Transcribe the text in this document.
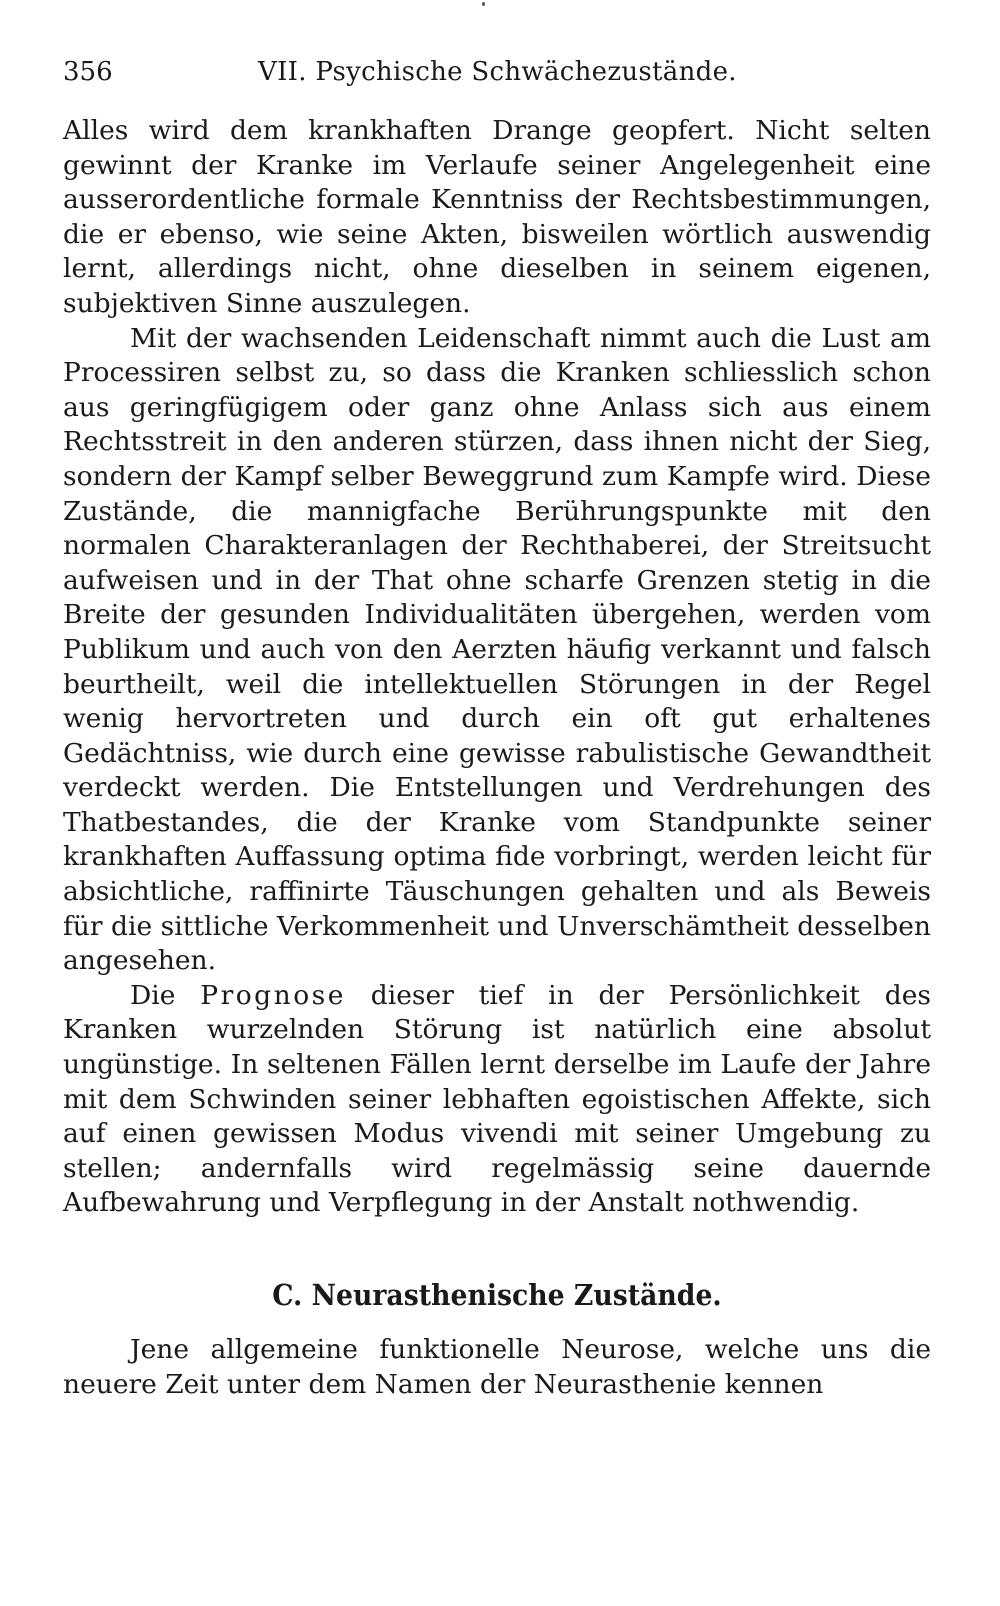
356	VII. Psychische Schwächezustände.

Alles wird dem krankhaften Drange geopfert. Nicht selten gewinnt der Kranke im Verlaufe seiner Angelegenheit eine ausserordentliche formale Kenntniss der Rechtsbestimmungen, die er ebenso, wie seine Akten, bisweilen wörtlich auswendig lernt, allerdings nicht, ohne dieselben in seinem eigenen, subjektiven Sinne auszulegen.

Mit der wachsenden Leidenschaft nimmt auch die Lust am Processiren selbst zu, so dass die Kranken schliesslich schon aus geringfügigem oder ganz ohne Anlass sich aus einem Rechtsstreit in den anderen stürzen, dass ihnen nicht der Sieg, sondern der Kampf selber Beweggrund zum Kampfe wird. Diese Zustände, die mannigfache Berührungspunkte mit den normalen Charakteranlagen der Rechthaberei, der Streitsucht aufweisen und in der That ohne scharfe Grenzen stetig in die Breite der gesunden Individualitäten übergehen, werden vom Publikum und auch von den Aerzten häufig verkannt und falsch beurtheilt, weil die intellektuellen Störungen in der Regel wenig hervortreten und durch ein oft gut erhaltenes Gedächtniss, wie durch eine gewisse rabulistische Gewandtheit verdeckt werden. Die Entstellungen und Verdrehungen des Thatbestandes, die der Kranke vom Standpunkte seiner krankhaften Auffassung optima fide vorbringt, werden leicht für absichtliche, raffinirte Täuschungen gehalten und als Beweis für die sittliche Verkommenheit und Unverschämtheit desselben angesehen.

Die Prognose dieser tief in der Persönlichkeit des Kranken wurzelnden Störung ist natürlich eine absolut ungünstige. In seltenen Fällen lernt derselbe im Laufe der Jahre mit dem Schwinden seiner lebhaften egoistischen Affekte, sich auf einen gewissen Modus vivendi mit seiner Umgebung zu stellen; andernfalls wird regelmässig seine dauernde Aufbewahrung und Verpflegung in der Anstalt nothwendig.

C. Neurasthenische Zustände.

Jene allgemeine funktionelle Neurose, welche uns die neuere Zeit unter dem Namen der Neurasthenie kennen
